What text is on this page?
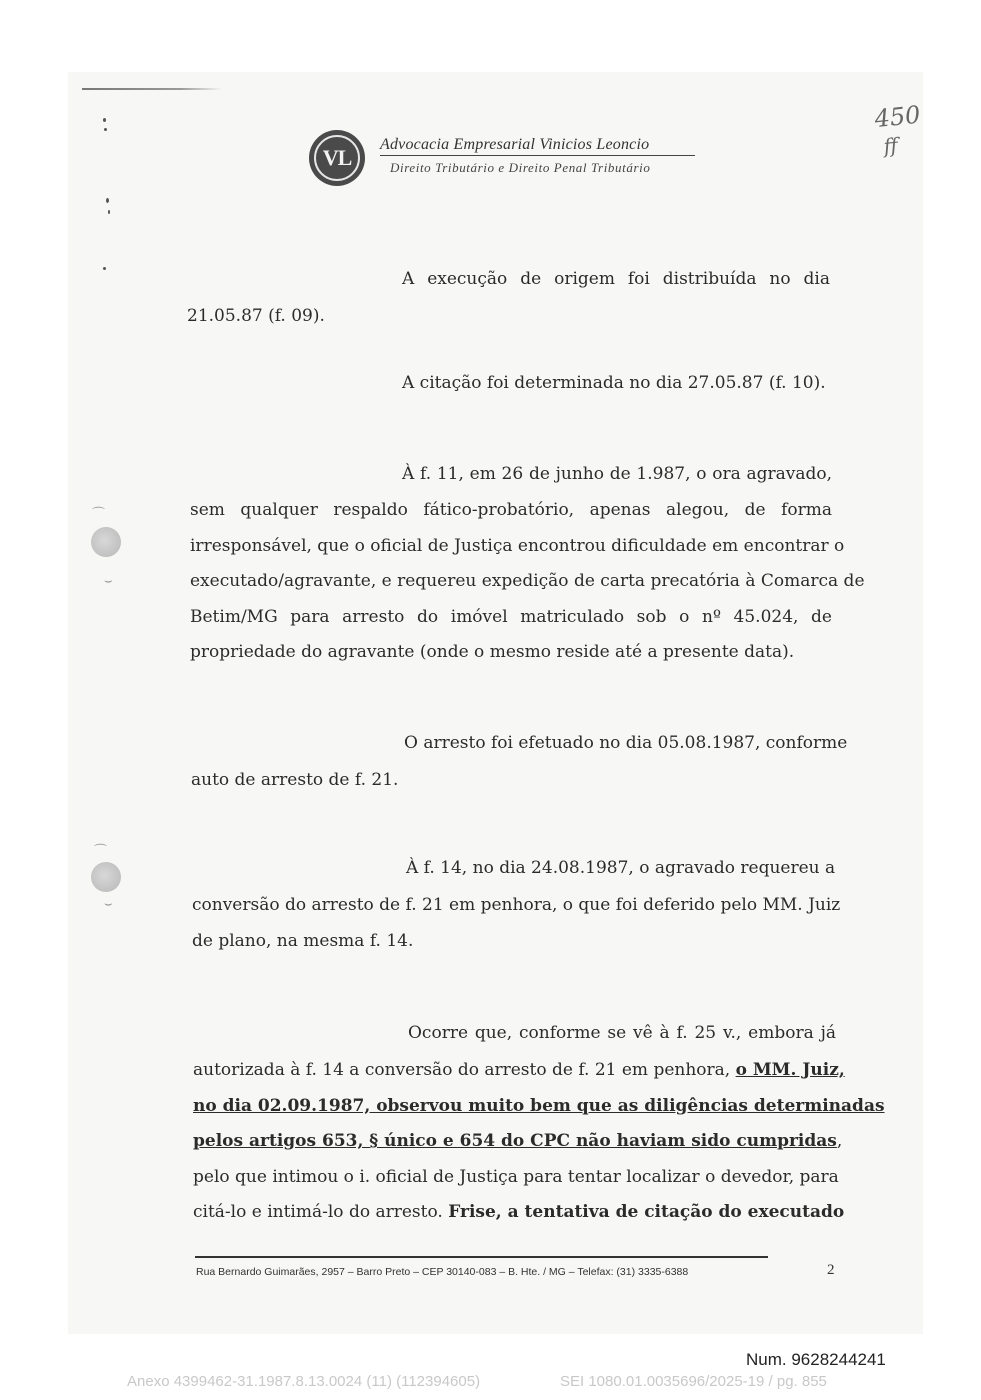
⌒
⌣
⌒
⌣
VL
Advocacia Empresarial Vinicios Leoncio
Direito Tributário e Direito Penal Tributário
450
ff
A execução de origem foi distribuída no dia
21.05.87 (f. 09).
A citação foi determinada no dia 27.05.87 (f. 10).
À f. 11, em 26 de junho de 1.987, o ora agravado,
sem qualquer respaldo fático-probatório, apenas alegou, de forma
irresponsável, que o oficial de Justiça encontrou dificuldade em encontrar o
executado/agravante, e requereu expedição de carta precatória à Comarca de
Betim/MG para arresto do imóvel matriculado sob o nº 45.024, de
propriedade do agravante (onde o mesmo reside até a presente data).
O arresto foi efetuado no dia 05.08.1987, conforme
auto de arresto de f. 21.
À f. 14, no dia 24.08.1987, o agravado requereu a
conversão do arresto de f. 21 em penhora, o que foi deferido pelo MM. Juiz
de plano, na mesma f. 14.
Ocorre que, conforme se vê à f. 25 v., embora já
autorizada à f. 14 a conversão do arresto de f. 21 em penhora, o MM. Juiz,
no dia 02.09.1987, observou muito bem que as diligências determinadas
pelos artigos 653, § único e 654 do CPC não haviam sido cumpridas,
pelo que intimou o i. oficial de Justiça para tentar localizar o devedor, para
citá-lo e intimá-lo do arresto. Frise, a tentativa de citação do executado
Rua Bernardo Guimarães, 2957 – Barro Preto – CEP 30140-083 – B. Hte. / MG – Telefax: (31) 3335-6388	2
Num. 9628244241
Anexo 4399462-31.1987.8.13.0024 (11) (112394605)	SEI 1080.01.0035696/2025-19 / pg. 855
